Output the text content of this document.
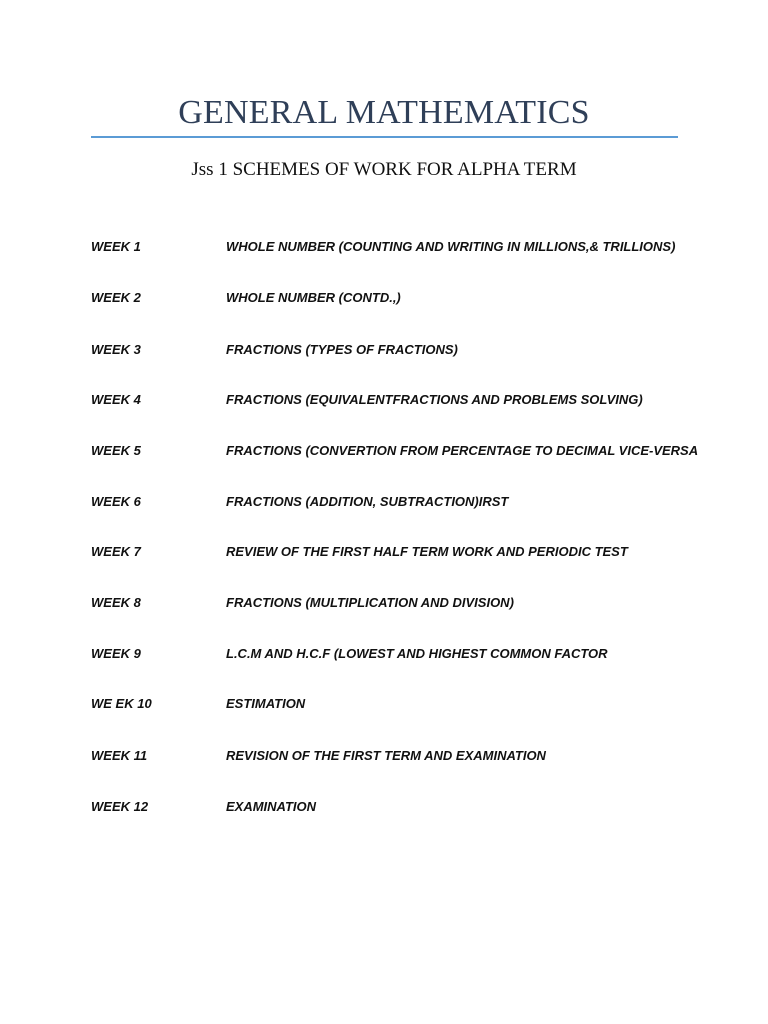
GENERAL MATHEMATICS
Jss 1 SCHEMES OF WORK FOR ALPHA TERM
WEEK 1	WHOLE NUMBER (COUNTING AND WRITING IN MILLIONS,& TRILLIONS)
WEEK 2	WHOLE NUMBER (CONTD.,)
WEEK 3	FRACTIONS (TYPES OF FRACTIONS)
WEEK 4	FRACTIONS (EQUIVALENTFRACTIONS AND PROBLEMS SOLVING)
WEEK 5	FRACTIONS (CONVERTION FROM PERCENTAGE TO DECIMAL VICE-VERSA
WEEK 6	FRACTIONS (ADDITION, SUBTRACTION)IRST
WEEK 7	REVIEW OF THE FIRST HALF TERM WORK AND PERIODIC TEST
WEEK 8	FRACTIONS (MULTIPLICATION AND DIVISION)
WEEK 9	L.C.M AND H.C.F (LOWEST AND HIGHEST COMMON FACTOR
WE EK 10	ESTIMATION
WEEK 11	REVISION OF THE FIRST TERM AND EXAMINATION
WEEK 12	EXAMINATION
